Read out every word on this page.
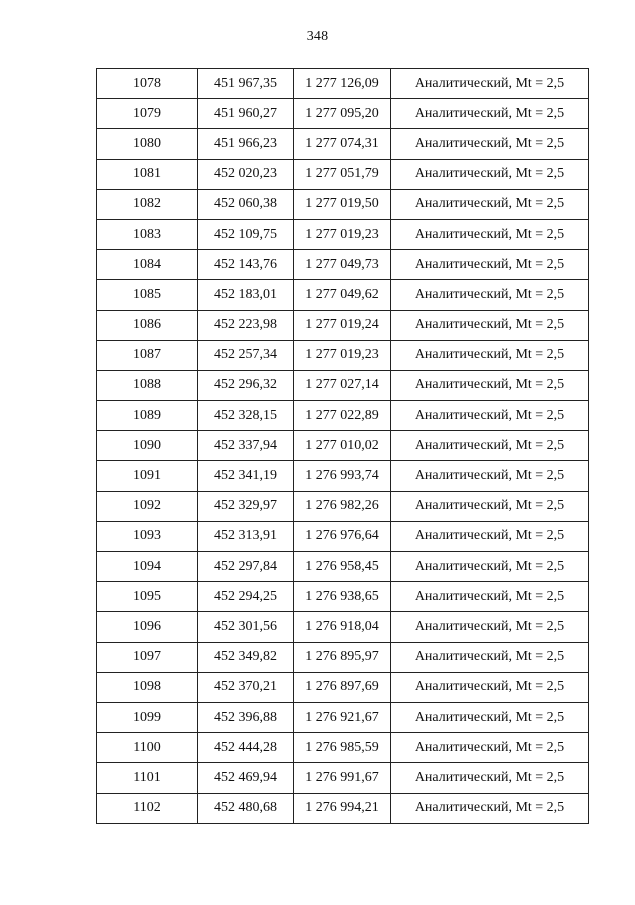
348
1078	451 967,35	1 277 126,09	Аналитический, Mt = 2,5
1079	451 960,27	1 277 095,20	Аналитический, Mt = 2,5
1080	451 966,23	1 277 074,31	Аналитический, Mt = 2,5
1081	452 020,23	1 277 051,79	Аналитический, Mt = 2,5
1082	452 060,38	1 277 019,50	Аналитический, Mt = 2,5
1083	452 109,75	1 277 019,23	Аналитический, Mt = 2,5
1084	452 143,76	1 277 049,73	Аналитический, Mt = 2,5
1085	452 183,01	1 277 049,62	Аналитический, Mt = 2,5
1086	452 223,98	1 277 019,24	Аналитический, Mt = 2,5
1087	452 257,34	1 277 019,23	Аналитический, Mt = 2,5
1088	452 296,32	1 277 027,14	Аналитический, Mt = 2,5
1089	452 328,15	1 277 022,89	Аналитический, Mt = 2,5
1090	452 337,94	1 277 010,02	Аналитический, Mt = 2,5
1091	452 341,19	1 276 993,74	Аналитический, Mt = 2,5
1092	452 329,97	1 276 982,26	Аналитический, Mt = 2,5
1093	452 313,91	1 276 976,64	Аналитический, Mt = 2,5
1094	452 297,84	1 276 958,45	Аналитический, Mt = 2,5
1095	452 294,25	1 276 938,65	Аналитический, Mt = 2,5
1096	452 301,56	1 276 918,04	Аналитический, Mt = 2,5
1097	452 349,82	1 276 895,97	Аналитический, Mt = 2,5
1098	452 370,21	1 276 897,69	Аналитический, Mt = 2,5
1099	452 396,88	1 276 921,67	Аналитический, Mt = 2,5
1100	452 444,28	1 276 985,59	Аналитический, Mt = 2,5
1101	452 469,94	1 276 991,67	Аналитический, Mt = 2,5
1102	452 480,68	1 276 994,21	Аналитический, Mt = 2,5
